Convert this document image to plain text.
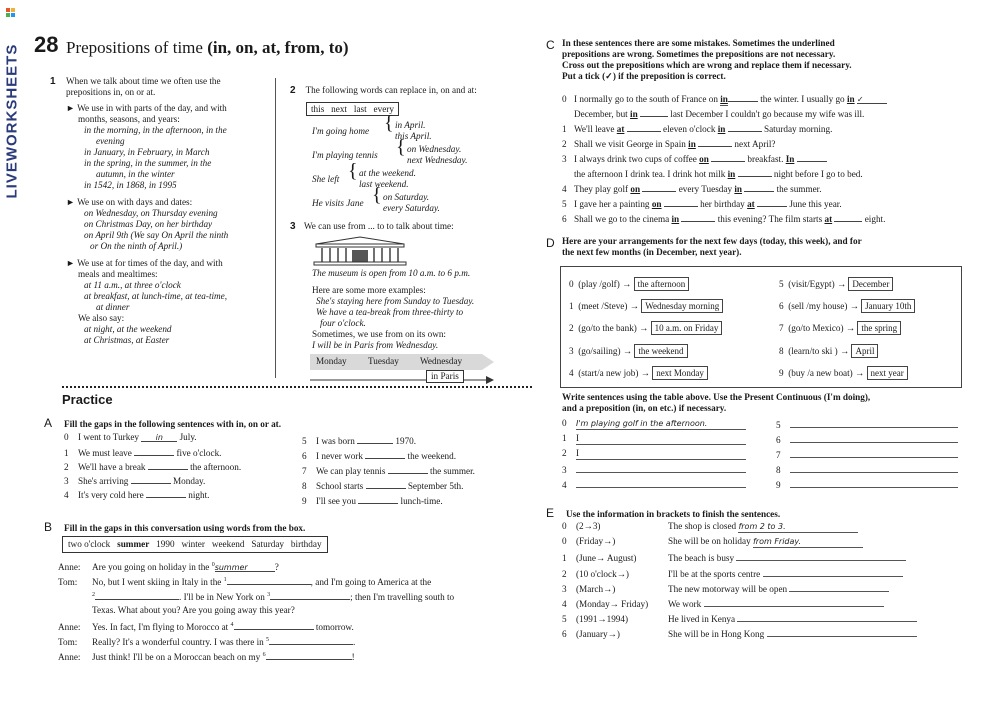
LIVEWORKSHEETS 28 Prepositions of time (in, on, at, from, to)
1 When we talk about time we often use the
prepositions in, on or at.
► We use in with parts of the day, and with
months, seasons, and years:
in the morning, in the afternoon, in the
evening
in January, in February, in March
in the spring, in the summer, in the
autumn, in the winter
in 1542, in 1868, in 1995
► We use on with days and dates:
on Wednesday, on Thursday evening
on Christmas Day, on her birthday
on April 9th (We say On April the ninth
or On the ninth of April.)
► We use at for times of the day, and with
meals and mealtimes:
at 11 a.m., at three o'clock
at breakfast, at lunch-time, at tea-time,
at dinner
We also say:
at night, at the weekend
at Christmas, at Easter
2 The following words can replace in, on and at: this next last every
I'm going home { in April.
this April.
I'm playing tennis { on Wednesday.
next Wednesday.
She left { at the weekend.
last weekend.
He visits Jane { on Saturday.
every Saturday.
3 We can use from ... to to talk about time:
The museum is open from 10 a.m. to 6 p.m.
Here are some more examples:
She's staying here from Sunday to Tuesday.
We have a tea-break from three-thirty to
four o'clock.
Sometimes, we use from on its own:
I will be in Paris from Wednesday.
Monday Tuesday Wednesday
in Paris
Practice
A Fill the gaps in the following sentences with in, on or at.
0 I went to Turkey in July.
1 We must leave	five o'clock.
2 We'll have a break	the afternoon.
3 She's arriving	Monday.
4 It's very cold here	night.
5 I was born	1970.
6 I never work	the weekend.
7 We can play tennis	the summer.
8 School starts	September 5th.
9 I'll see you	lunch-time.
B Fill in the gaps in this conversation using words from the box.
two o'clock summer 1990 winter weekend Saturday birthday
Anne: Are you going on holiday in the $^0$summer	?
Tom: No, but I went skiing in Italy in the $^1$	, and I'm going to America at the
$^2$	. I'll be in New York on $^3$	; then I'm travelling south to
Texas. What about you? Are you going away this year?
Anne: Yes. In fact, I'm flying to Morocco at $^4$	tomorrow.
Tom: Really? It's a wonderful country. I was there in $^5$	.
Anne: Just think! I'll be on a Moroccan beach on my $^6$	!
C In these sentences there are some mistakes. Sometimes the underlined
prepositions are wrong. Sometimes the prepositions are not necessary.
Cross out the prepositions which are wrong and replace them if necessary.
Put a tick (✓) if the preposition is correct.
0 I normally go to the south of France on in	the winter. I usually go in ✓
December, but in	last December I couldn't go because my wife was ill.
1 We'll leave at	eleven o'clock in	Saturday morning.
2 Shall we visit George in Spain in	next April?
3 I always drink two cups of coffee on	breakfast. In
the afternoon I drink tea. I drink hot milk in	night before I go to bed.
4 They play golf on	every Tuesday in	the summer.
5 I gave her a painting on	her birthday at	June this year.
6 Shall we go to the cinema in	this evening? The film starts at	eight.
D Here are your arrangements for the next few days (today, this week), and for
the next few months (in December, next year).
0 (play /golf) → the afternoon
1 (meet /Steve) → Wednesday morning
2 (go/to the bank) → 10 a.m. on Friday
3 (go/sailing) → the weekend
4 (start/a new job) → next Monday
5 (visit/Egypt) → December
6 (sell /my house) → January 10th
7 (go/to Mexico) → the spring
8 (learn/to ski ) → April
9 (buy /a new boat) → next year
Write sentences using the table above. Use the Present Continuous (I'm doing),
and a preposition (in, on etc.) if necessary.
0 I'm playing golf in the afternoon.
1 I
2 I
3
4
5
6
7
8
9
E Use the information in brackets to finish the sentences.
0 (2→3)	The shop is closed from 2 to 3.
0 (Friday→)	She will be on holiday from Friday.
1 (June→ August)	The beach is busy
2 (10 o'clock→)	I'll be at the sports centre
3 (March→)	The new motorway will be open
4 (Monday→ Friday) We work
5 (1991→1994)	He lived in Kenya
6 (January→)	She will be in Hong Kong
